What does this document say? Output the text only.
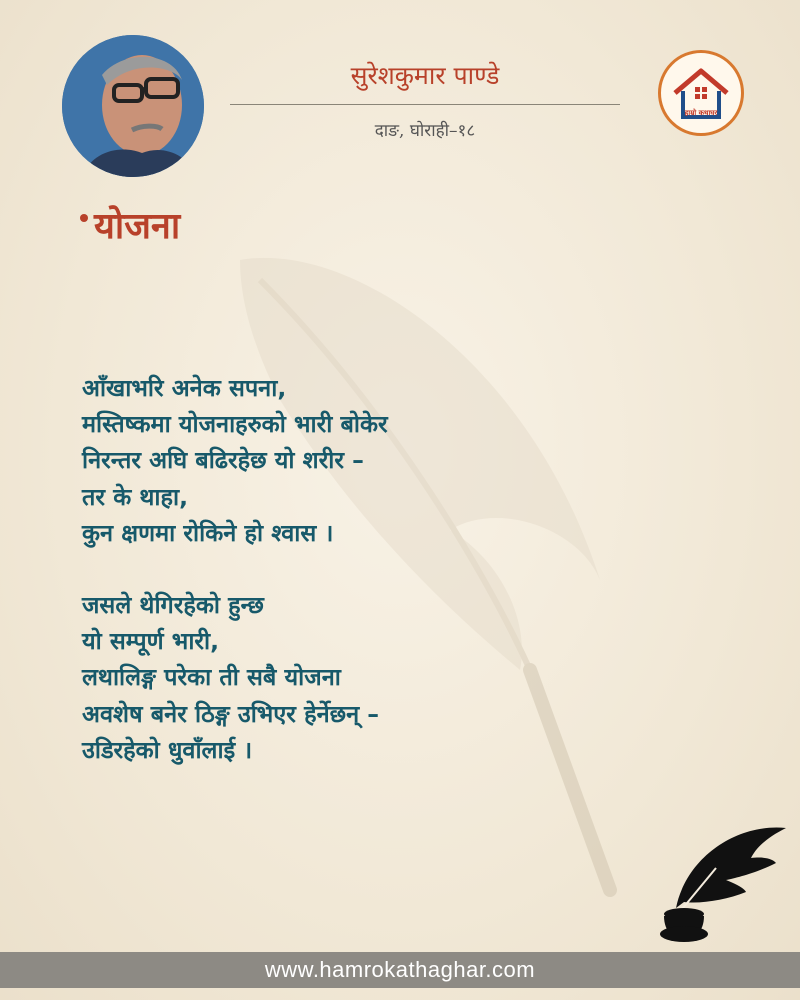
सुरेशकुमार पाण्डे
दाङ, घोराही–१८
हाम्रो कथाघर
योजना
आँखाभरि अनेक सपना,
मस्तिष्कमा योजनाहरुको भारी बोकेर
निरन्तर अघि बढिरहेछ यो शरीर –
तर के थाहा,
कुन क्षणमा रोकिने हो श्वास ।
जसले थेगिरहेको हुन्छ
यो सम्पूर्ण भारी,
लथालिङ्ग परेका ती सबै योजना
अवशेष बनेर ठिङ्ग उभिएर हेर्नेछन् –
उडिरहेको धुवाँलाई ।
www.hamrokathaghar.com
